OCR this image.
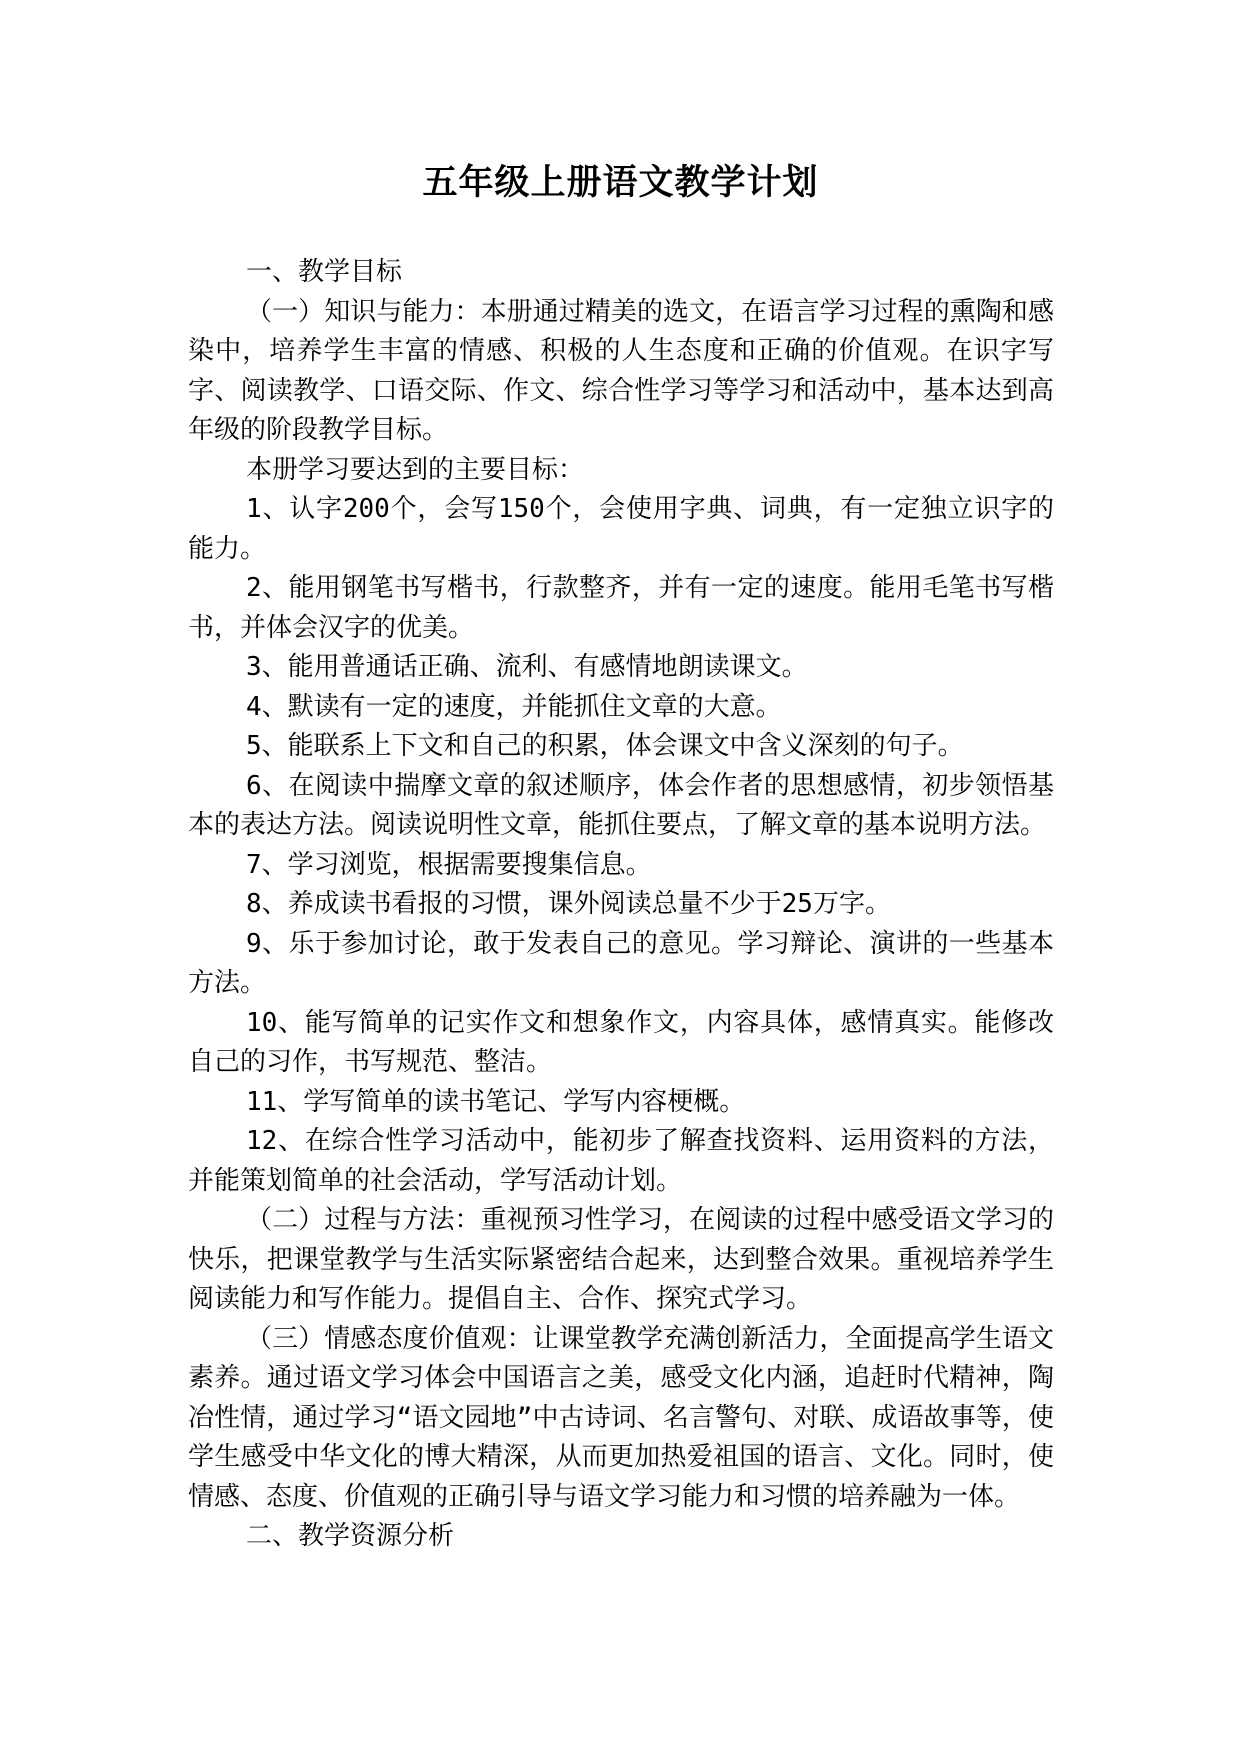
五年级上册语文教学计划

一、教学目标

（一）知识与能力：本册通过精美的选文，在语言学习过程的熏陶和感染中，培养学生丰富的情感、积极的人生态度和正确的价值观。在识字写字、阅读教学、口语交际、作文、综合性学习等学习和活动中，基本达到高年级的阶段教学目标。

本册学习要达到的主要目标：

1、认字200个，会写150个，会使用字典、词典，有一定独立识字的能力。

2、能用钢笔书写楷书，行款整齐，并有一定的速度。能用毛笔书写楷书，并体会汉字的优美。

3、能用普通话正确、流利、有感情地朗读课文。

4、默读有一定的速度，并能抓住文章的大意。

5、能联系上下文和自己的积累，体会课文中含义深刻的句子。

6、在阅读中揣摩文章的叙述顺序，体会作者的思想感情，初步领悟基本的表达方法。阅读说明性文章，能抓住要点，了解文章的基本说明方法。

7、学习浏览，根据需要搜集信息。

8、养成读书看报的习惯，课外阅读总量不少于25万字。

9、乐于参加讨论，敢于发表自己的意见。学习辩论、演讲的一些基本方法。

10、能写简单的记实作文和想象作文，内容具体，感情真实。能修改自己的习作，书写规范、整洁。

11、学写简单的读书笔记、学写内容梗概。

12、在综合性学习活动中，能初步了解查找资料、运用资料的方法，并能策划简单的社会活动，学写活动计划。

（二）过程与方法：重视预习性学习，在阅读的过程中感受语文学习的快乐，把课堂教学与生活实际紧密结合起来，达到整合效果。重视培养学生阅读能力和写作能力。提倡自主、合作、探究式学习。

（三）情感态度价值观：让课堂教学充满创新活力，全面提高学生语文素养。通过语文学习体会中国语言之美，感受文化内涵，追赶时代精神，陶冶性情，通过学习“语文园地”中古诗词、名言警句、对联、成语故事等，使学生感受中华文化的博大精深，从而更加热爱祖国的语言、文化。同时，使情感、态度、价值观的正确引导与语文学习能力和习惯的培养融为一体。

二、教学资源分析
